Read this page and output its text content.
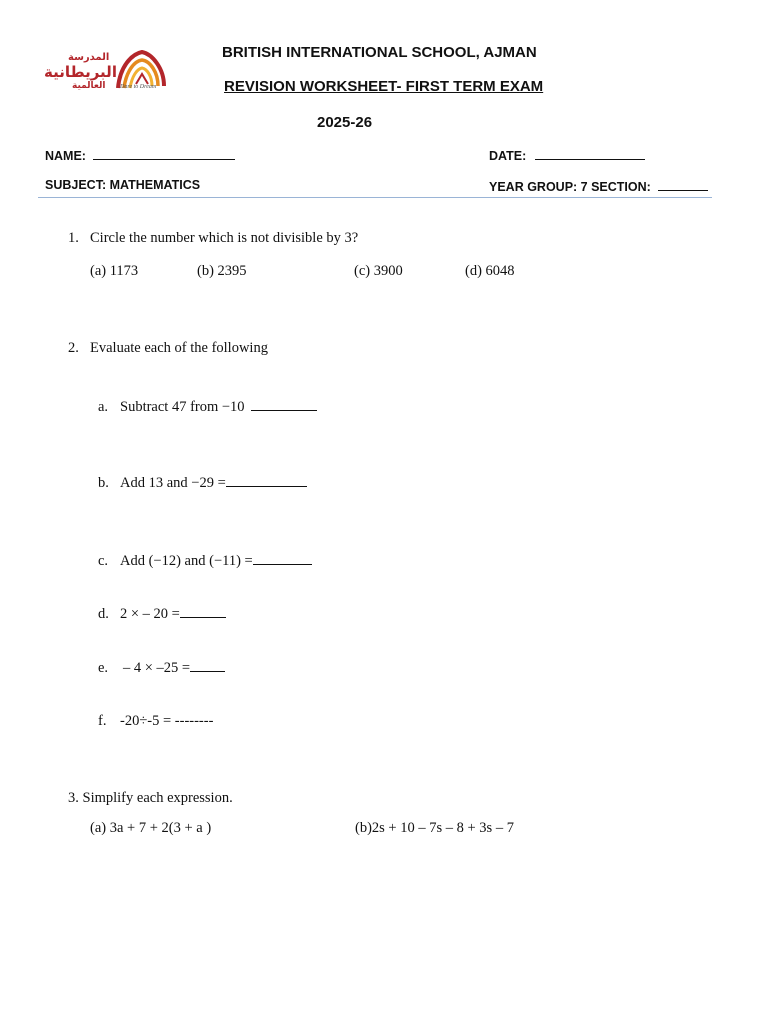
المدرسة
البريطانية
العالمية Dare to Dream
BRITISH INTERNATIONAL SCHOOL, AJMAN
REVISION WORKSHEET- FIRST TERM EXAM
2025-26
NAME:	DATE:
SUBJECT: MATHEMATICS	YEAR GROUP: 7 SECTION:
1. Circle the number which is not divisible by 3?
(a) 1173	(b) 2395	(c) 3900	(d) 6048
2. Evaluate each of the following
a. Subtract 47 from −10
b. Add 13 and −29 =
c. Add (−12) and (−11) =
d. 2 × – 20 =
e. – 4 × –25 =
f. -20÷-5 = --------
3. Simplify each expression.
(a) 3a + 7 + 2(3 + a )	(b)2s + 10 – 7s – 8 + 3s – 7
